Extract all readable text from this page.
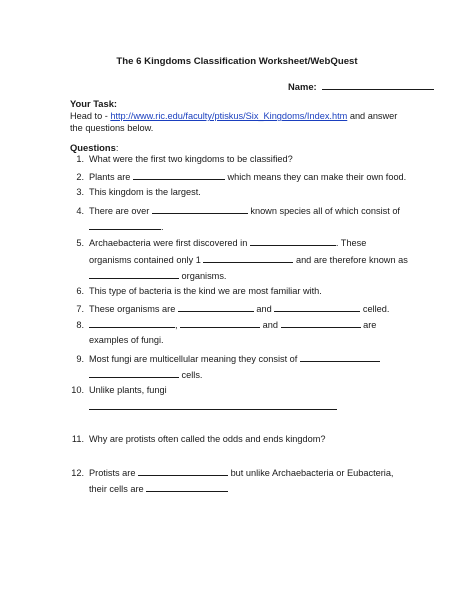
The 6 Kingdoms Classification Worksheet/WebQuest
Name:
Your Task:
Head to - http://www.ric.edu/faculty/ptiskus/Six_Kingdoms/Index.htm and answer
the questions below.
Questions:
1. What were the first two kingdoms to be classified?
2. Plants are	which means they can make their own food.
3. This kingdom is the largest.
4. There are over	known species all of which consist of
.
5. Archaebacteria were first discovered in	. These
organisms contained only 1	and are therefore known as
organisms.
6. This type of bacteria is the kind we are most familiar with.
7. These organisms are	and	celled.
8.	,	and	are
examples of fungi.
9. Most fungi are multicellular meaning they consist of
cells.
10. Unlike plants, fungi
11. Why are protists often called the odds and ends kingdom?
12. Protists are	but unlike Archaebacteria or Eubacteria,
their cells are
